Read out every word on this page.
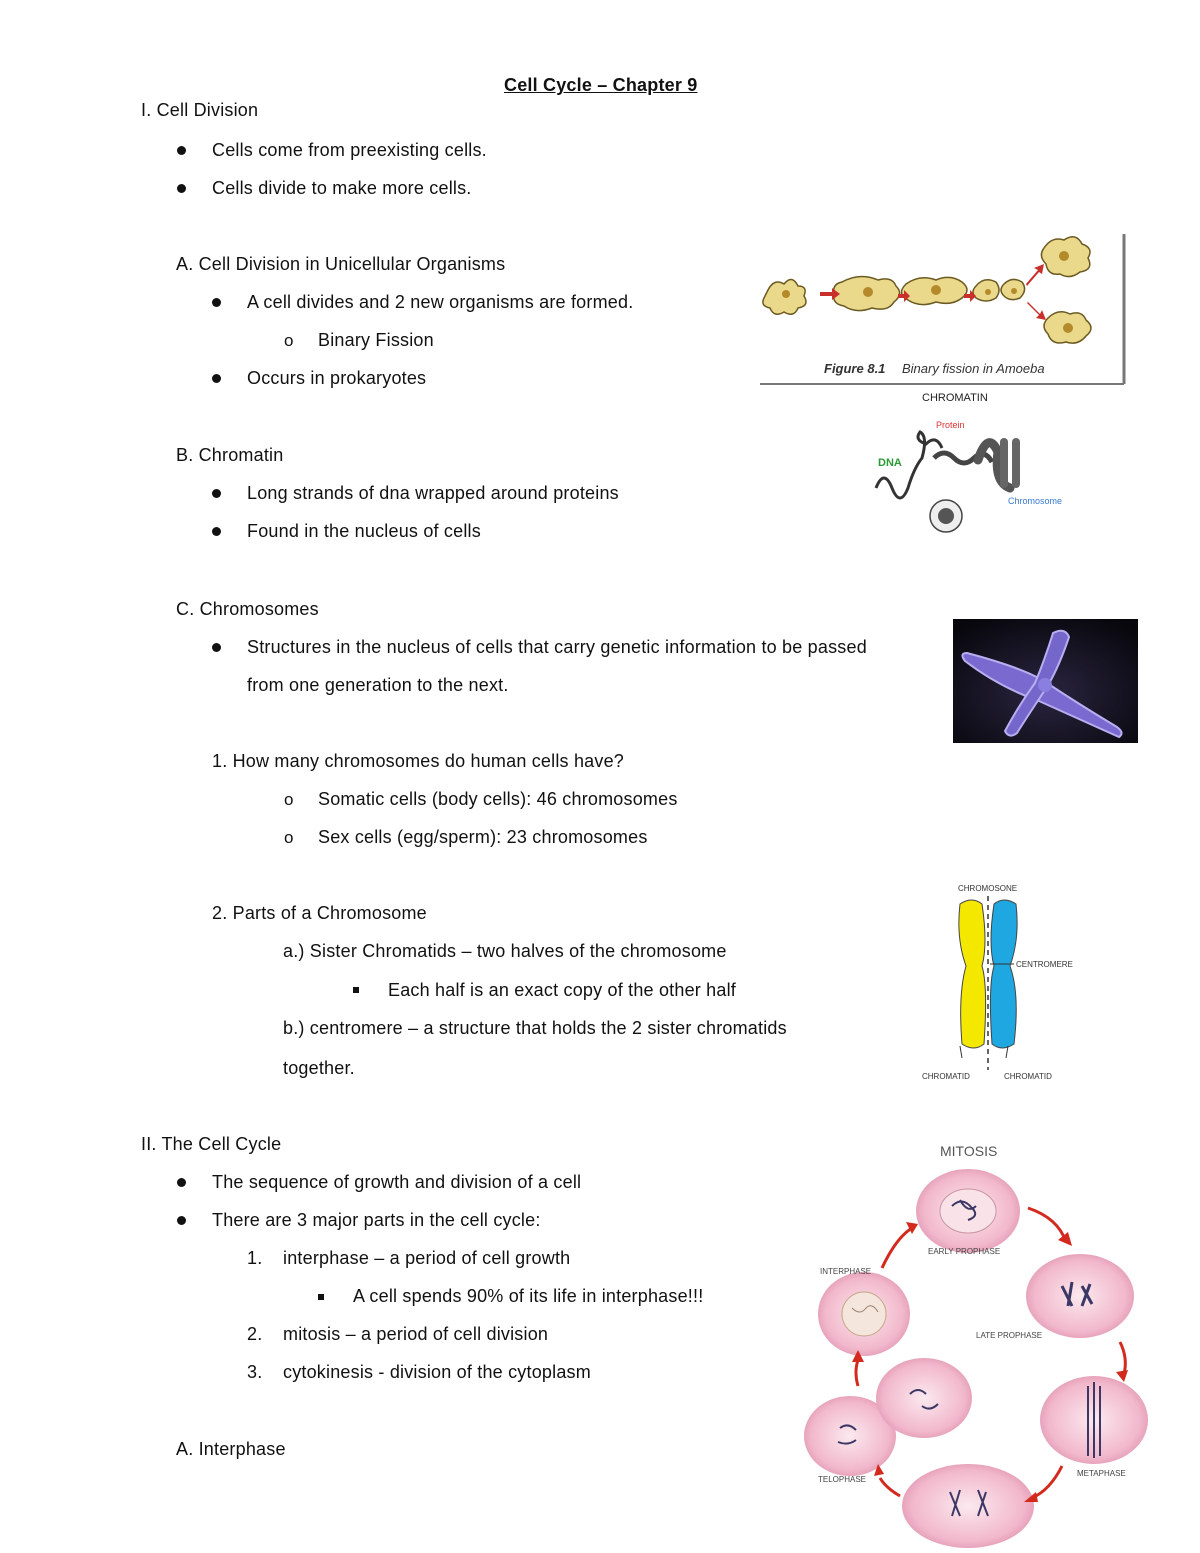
Cell Cycle – Chapter 9
I. Cell Division
Cells come from preexisting cells.
Cells divide to make more cells.
A. Cell Division in Unicellular Organisms
A cell divides and 2 new organisms are formed.
o Binary Fission
Occurs in prokaryotes
B. Chromatin
Long strands of dna wrapped around proteins
Found in the nucleus of cells
C. Chromosomes
Structures in the nucleus of cells that carry genetic information to be passed
from one generation to the next.
1. How many chromosomes do human cells have?
o Somatic cells (body cells): 46 chromosomes
o Sex cells (egg/sperm): 23 chromosomes
2. Parts of a Chromosome
a.) Sister Chromatids – two halves of the chromosome
Each half is an exact copy of the other half
b.) centromere – a structure that holds the 2 sister chromatids
together.
II. The Cell Cycle
The sequence of growth and division of a cell
There are 3 major parts in the cell cycle:
1. interphase – a period of cell growth
A cell spends 90% of its life in interphase!!!
2. mitosis – a period of cell division
3. cytokinesis - division of the cytoplasm
A. Interphase
Figure 8.1 Binary fission in Amoeba
CHROMATIN
Protein
DNA
Chromosome
CHROMOSONE
CENTROMERE
CHROMATID	CHROMATID
MITOSIS
EARLY PROPHASE
LATE PROPHASE
METAPHASE
TELOPHASE
INTERPHASE
